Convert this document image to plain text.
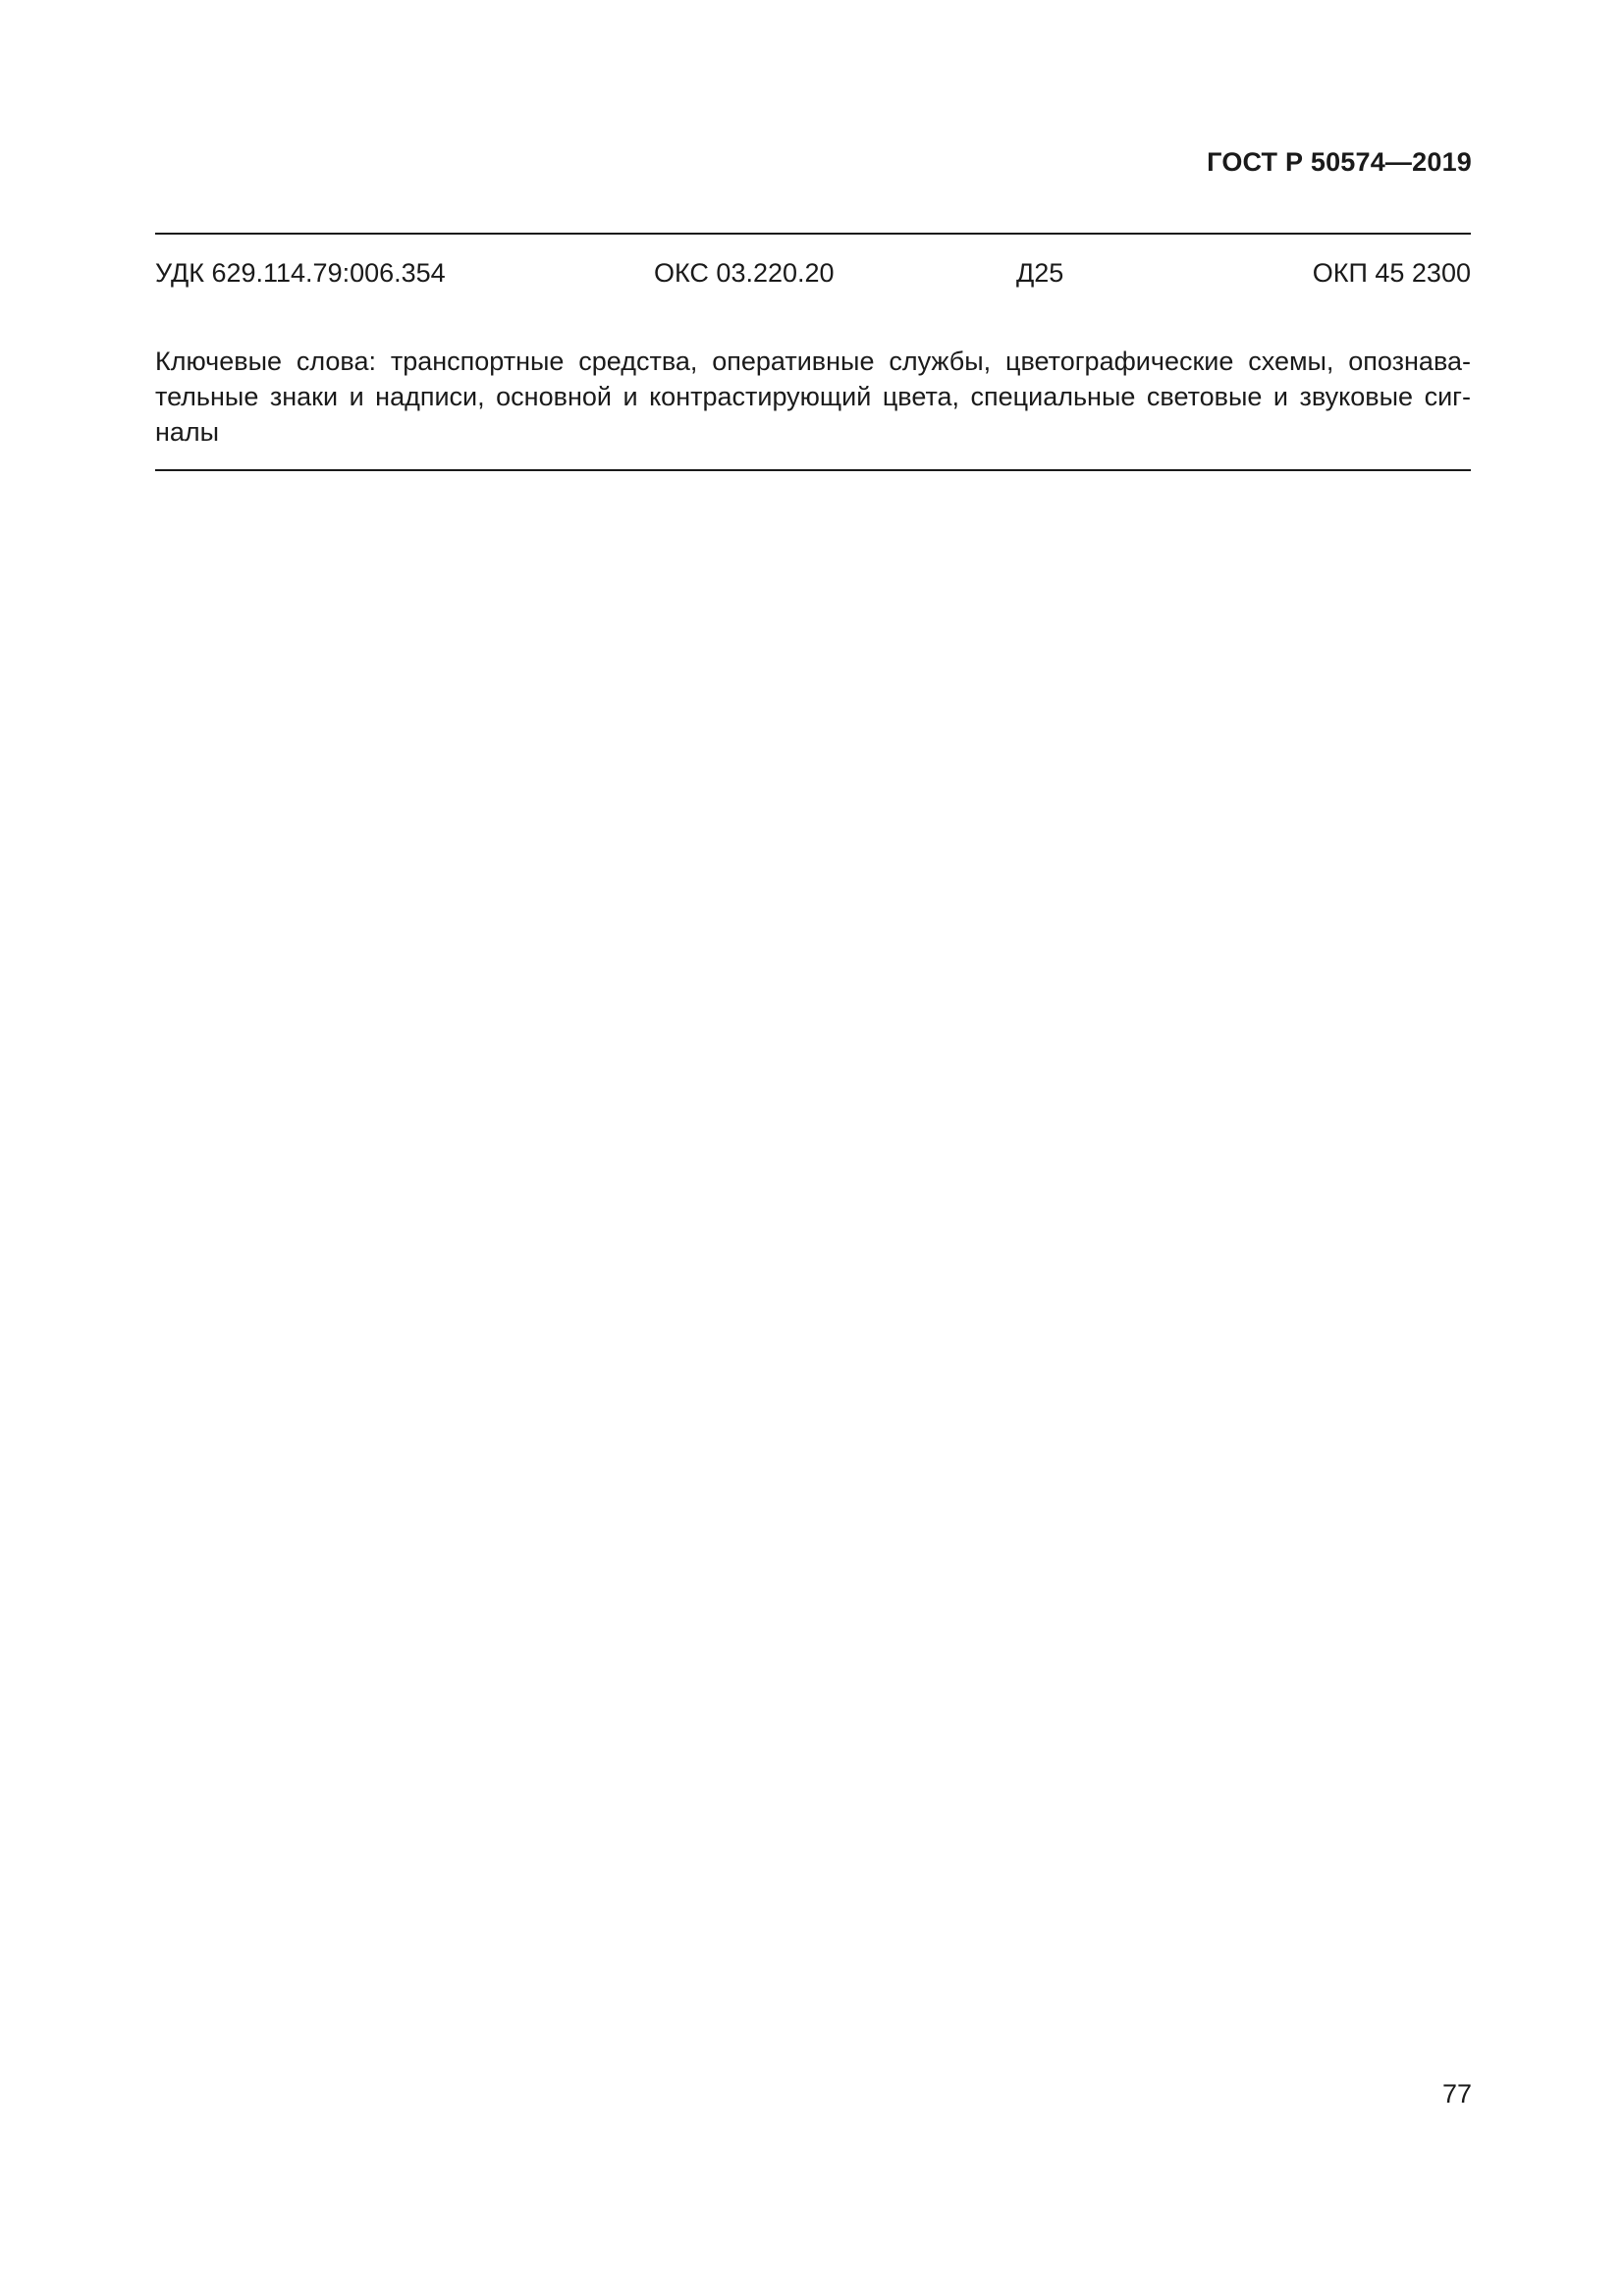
ГОСТ Р 50574—2019
УДК 629.114.79:006.354	ОКС 03.220.20	Д25	ОКП 45 2300
Ключевые слова: транспортные средства, оперативные службы, цветографические схемы, опознава-
тельные знаки и надписи, основной и контрастирующий цвета, специальные световые и звуковые сиг-
налы
77
